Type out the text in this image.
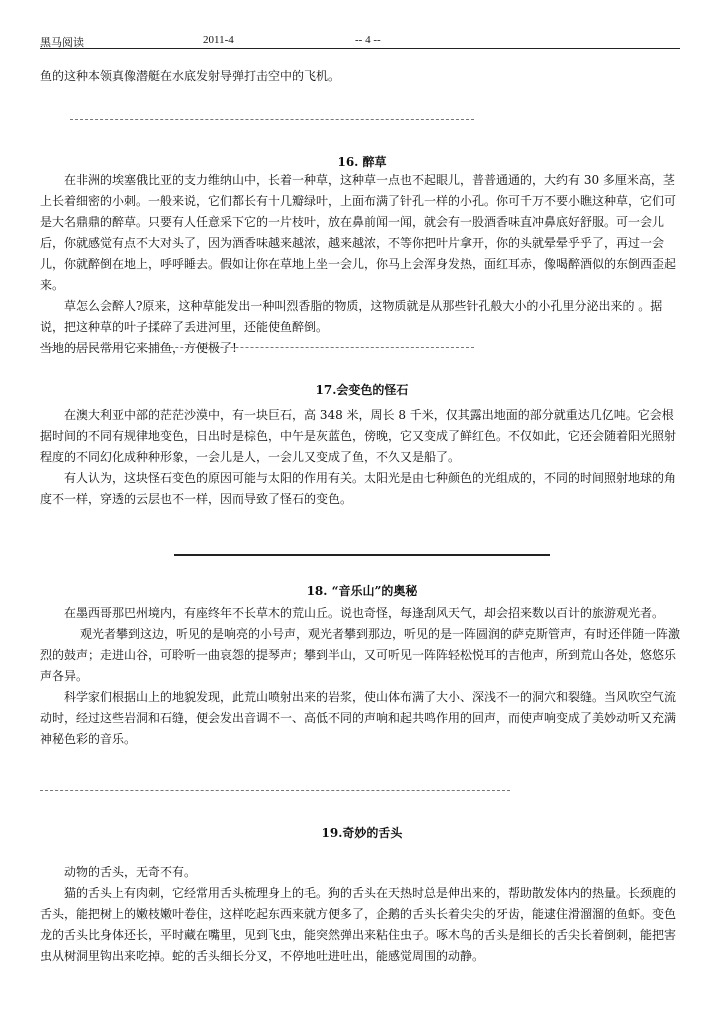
黑马阅读	2011-4	-- 4 --

鱼的这种本领真像潜艇在水底发射导弹打击空中的飞机。

16. 醉草

在非洲的埃塞俄比亚的支力维纳山中，长着一种草，这种草一点也不起眼儿，普普通通的，大约有 30 多厘米高，茎上长着细密的小刺。一般来说，它们都长有十几瓣绿叶，上面布满了针孔一样的小孔。你可千万不要小瞧这种草，它们可是大名鼎鼎的醉草。只要有人任意采下它的一片枝叶，放在鼻前闻一闻，就会有一股酒香味直冲鼻底好舒服。可一会儿后，你就感觉有点不大对头了，因为酒香味越来越浓，越来越浓，不等你把叶片拿开，你的头就晕晕乎乎了，再过一会儿，你就醉倒在地上，呼呼睡去。假如让你在草地上坐一会儿，你马上会浑身发热，面红耳赤，像喝醉酒似的东倒西歪起来。

草怎么会醉人?原来，这种草能发出一种叫烈香脂的物质，这物质就是从那些针孔般大小的小孔里分泌出来的 。据说，把这种草的叶子揉碎了丢进河里，还能使鱼醉倒。

当地的居民常用它来捕鱼，方便极了!

17.会变色的怪石

在澳大利亚中部的茫茫沙漠中，有一块巨石，高 348 米，周长 8 千米，仅其露出地面的部分就重达几亿吨。它会根据时间的不同有规律地变色，日出时是棕色，中午是灰蓝色，傍晚，它又变成了鲜红色。不仅如此，它还会随着阳光照射程度的不同幻化成种种形象，一会儿是人，一会儿又变成了鱼，不久又是船了。

有人认为，这块怪石变色的原因可能与太阳的作用有关。太阳光是由七种颜色的光组成的，不同的时间照射地球的角度不一样，穿透的云层也不一样，因而导致了怪石的变色。

18. “音乐山”的奥秘

在墨西哥那巴州境内，有座终年不长草木的荒山丘。说也奇怪，每逢刮风天气，却会招来数以百计的旅游观光者。

观光者攀到这边，听见的是响亮的小号声，观光者攀到那边，听见的是一阵圆润的萨克斯管声，有时还伴随一阵激烈的鼓声；走进山谷，可聆听一曲哀怨的提琴声；攀到半山，又可听见一阵阵轻松悦耳的吉他声，所到荒山各处，悠悠乐声各异。

科学家们根据山上的地貌发现，此荒山喷射出来的岩浆，使山体布满了大小、深浅不一的洞穴和裂缝。当风吹空气流动时，经过这些岩洞和石缝，便会发出音调不一、高低不同的声响和起共鸣作用的回声，而使声响变成了美妙动听又充满神秘色彩的音乐。

19.奇妙的舌头

动物的舌头，无奇不有。

猫的舌头上有肉刺，它经常用舌头梳理身上的毛。狗的舌头在天热时总是伸出来的，帮助散发体内的热量。长颈鹿的舌头，能把树上的嫩枝嫩叶卷住，这样吃起东西来就方便多了，企鹅的舌头长着尖尖的牙齿，能逮住滑溜溜的鱼虾。变色龙的舌头比身体还长，平时藏在嘴里，见到飞虫，能突然弹出来粘住虫子。啄木鸟的舌头是细长的舌尖长着倒刺，能把害虫从树洞里钩出来吃掉。蛇的舌头细长分叉，不停地吐进吐出，能感觉周围的动静。
